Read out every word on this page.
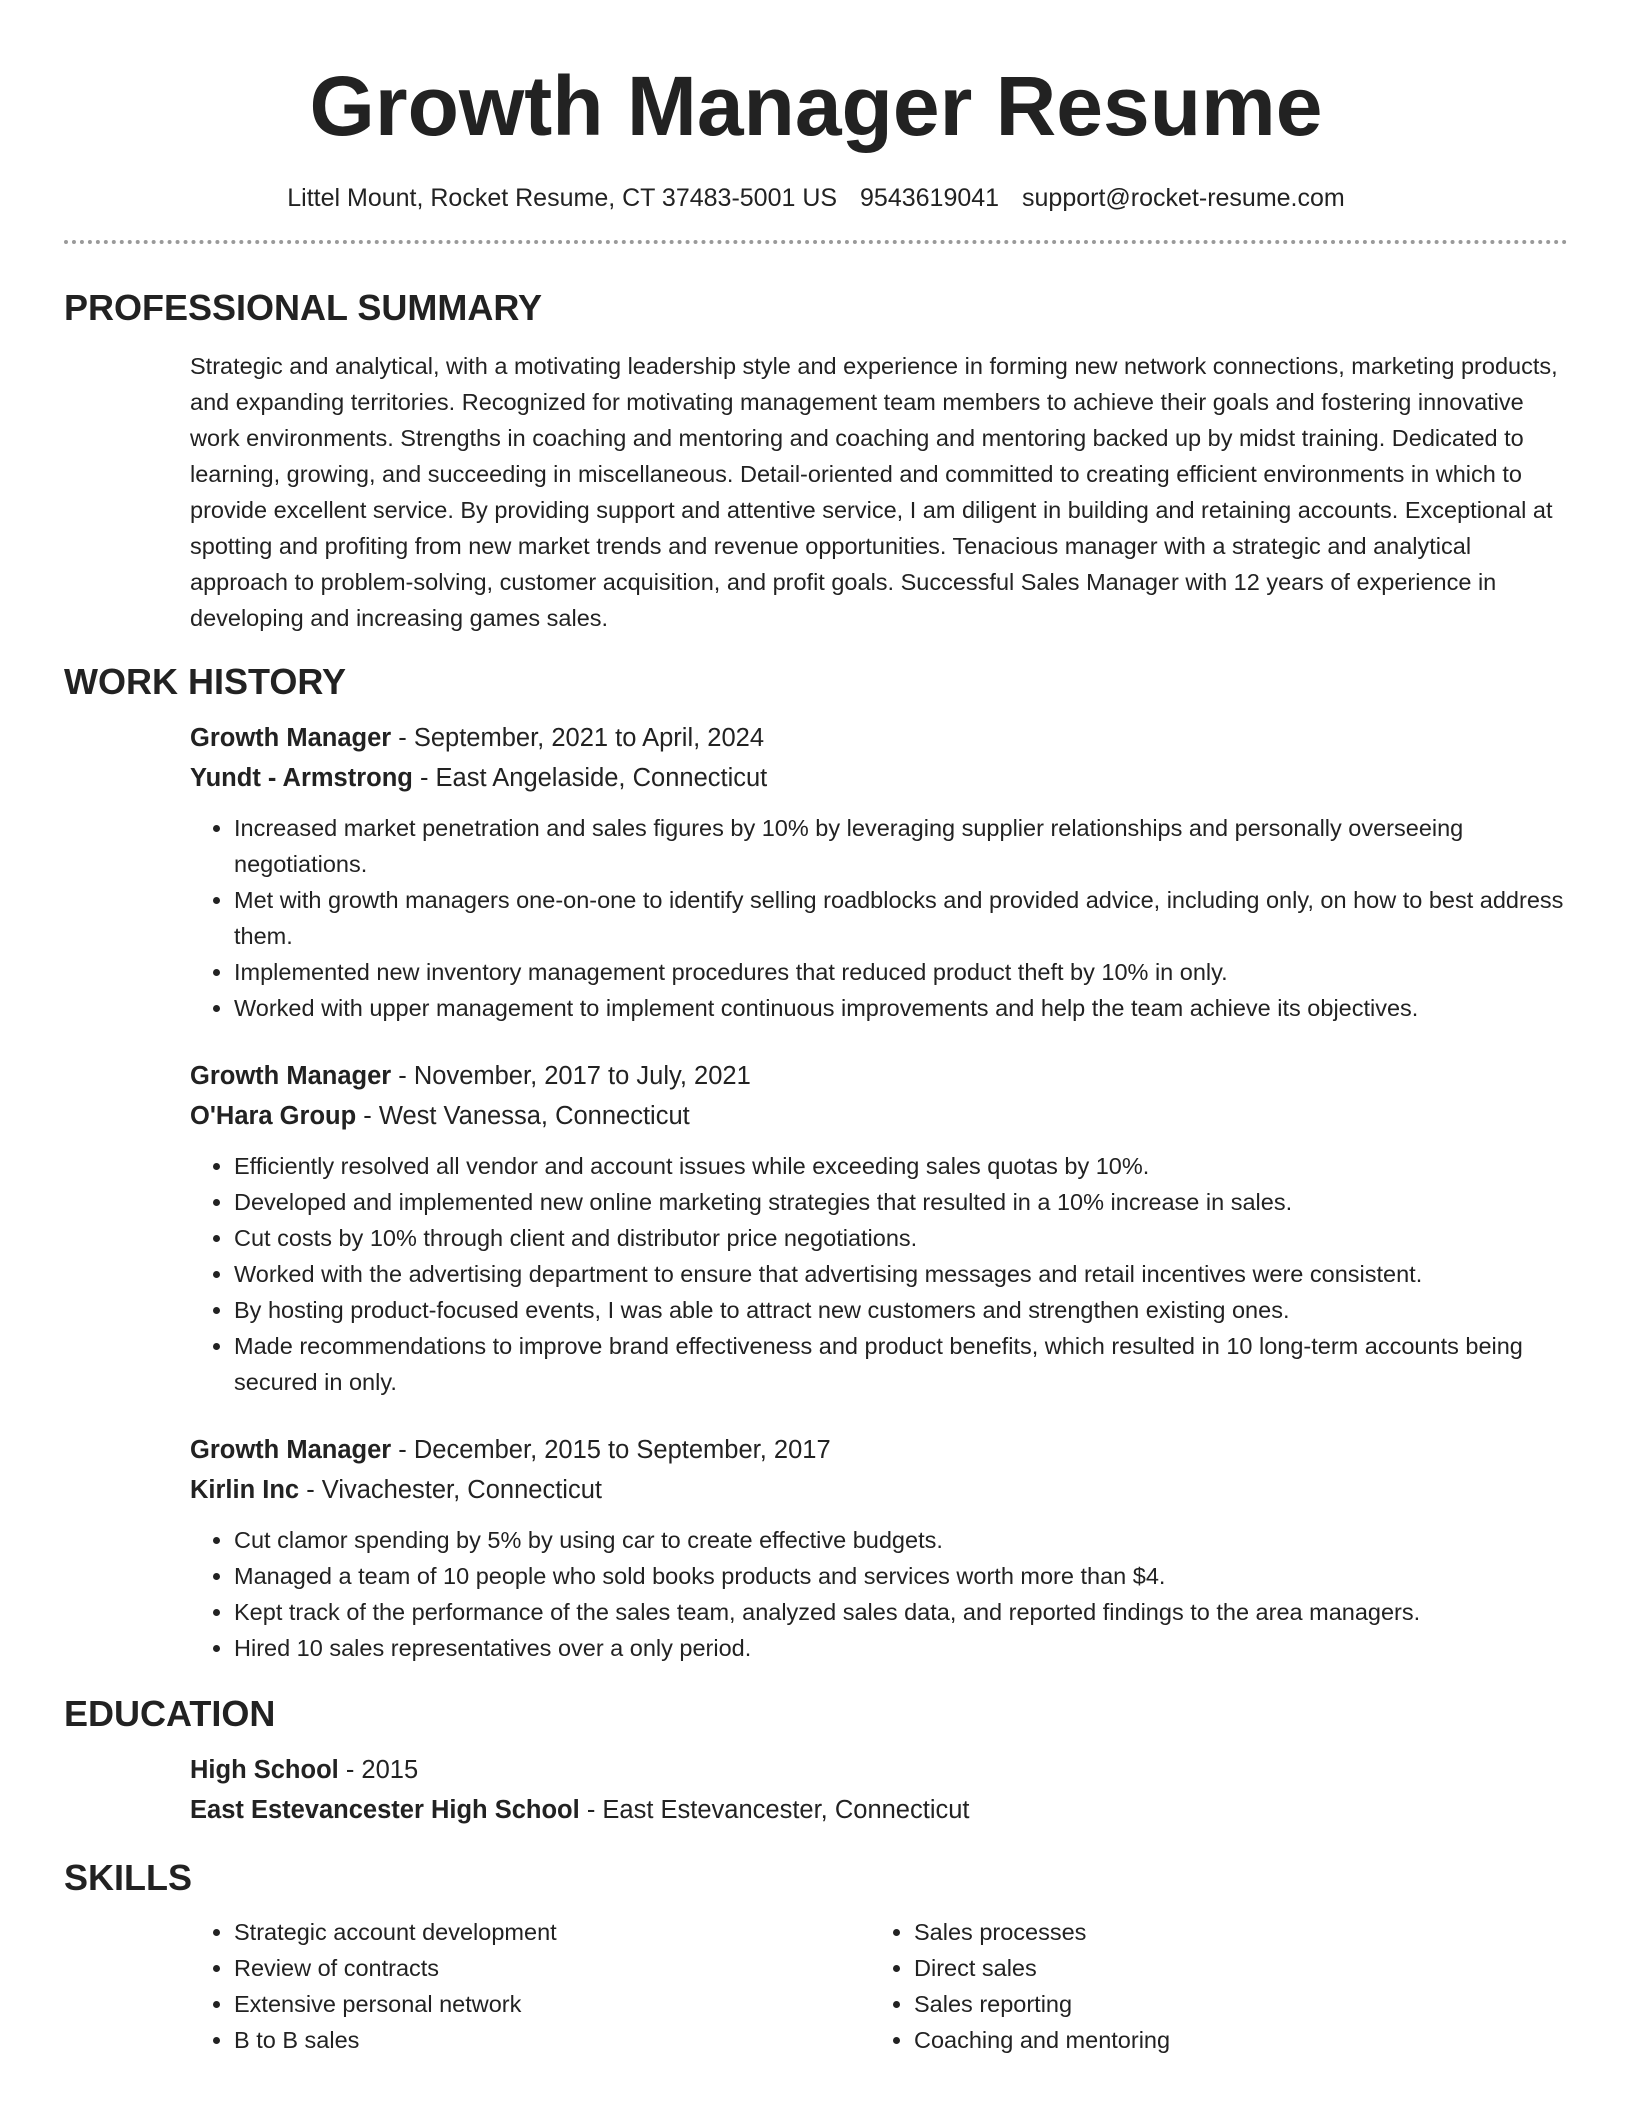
Growth Manager Resume
Littel Mount, Rocket Resume, CT 37483-5001 US 9543619041 support@rocket-resume.com
PROFESSIONAL SUMMARY

Strategic and analytical, with a motivating leadership style and experience in forming new network connections, marketing products, and expanding territories. Recognized for motivating management team members to achieve their goals and fostering innovative work environments. Strengths in coaching and mentoring and coaching and mentoring backed up by midst training. Dedicated to learning, growing, and succeeding in miscellaneous. Detail-oriented and committed to creating efficient environments in which to provide excellent service. By providing support and attentive service, I am diligent in building and retaining accounts. Exceptional at spotting and profiting from new market trends and revenue opportunities. Tenacious manager with a strategic and analytical approach to problem-solving, customer acquisition, and profit goals. Successful Sales Manager with 12 years of experience in developing and increasing games sales.

WORK HISTORY
Growth Manager - September, 2021 to April, 2024
Yundt - Armstrong - East Angelaside, Connecticut
• Increased market penetration and sales figures by 10% by leveraging supplier relationships and personally overseeing negotiations.
• Met with growth managers one-on-one to identify selling roadblocks and provided advice, including only, on how to best address them.
• Implemented new inventory management procedures that reduced product theft by 10% in only.
• Worked with upper management to implement continuous improvements and help the team achieve its objectives.
Growth Manager - November, 2017 to July, 2021
O'Hara Group - West Vanessa, Connecticut
• Efficiently resolved all vendor and account issues while exceeding sales quotas by 10%.
• Developed and implemented new online marketing strategies that resulted in a 10% increase in sales.
• Cut costs by 10% through client and distributor price negotiations.
• Worked with the advertising department to ensure that advertising messages and retail incentives were consistent.
• By hosting product-focused events, I was able to attract new customers and strengthen existing ones.
• Made recommendations to improve brand effectiveness and product benefits, which resulted in 10 long-term accounts being secured in only.
Growth Manager - December, 2015 to September, 2017
Kirlin Inc - Vivachester, Connecticut
• Cut clamor spending by 5% by using car to create effective budgets.
• Managed a team of 10 people who sold books products and services worth more than $4.
• Kept track of the performance of the sales team, analyzed sales data, and reported findings to the area managers.
• Hired 10 sales representatives over a only period.
EDUCATION
High School - 2015
East Estevancester High School - East Estevancester, Connecticut
SKILLS
• Strategic account development
• Review of contracts
• Extensive personal network
• B to B sales
• Sales processes
• Direct sales
• Sales reporting
• Coaching and mentoring
